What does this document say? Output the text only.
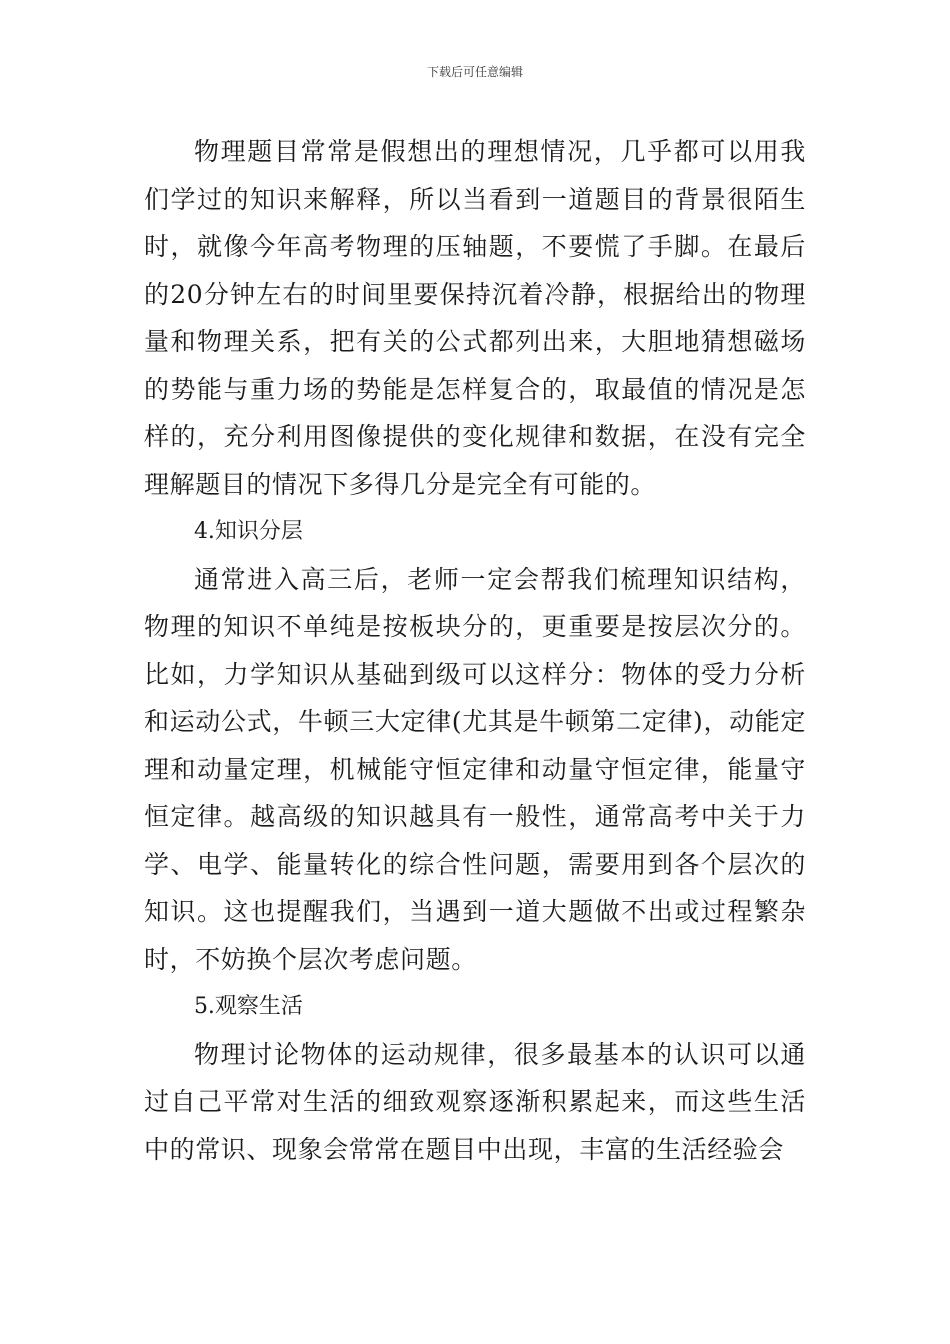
下载后可任意编辑

物理题目常常是假想出的理想情况，几乎都可以用我们学过的知识来解释，所以当看到一道题目的背景很陌生时，就像今年高考物理的压轴题，不要慌了手脚。在最后的20分钟左右的时间里要保持沉着冷静，根据给出的物理量和物理关系，把有关的公式都列出来，大胆地猜想磁场的势能与重力场的势能是怎样复合的，取最值的情况是怎样的，充分利用图像提供的变化规律和数据，在没有完全理解题目的情况下多得几分是完全有可能的。

4.知识分层

通常进入高三后，老师一定会帮我们梳理知识结构，物理的知识不单纯是按板块分的，更重要是按层次分的。比如，力学知识从基础到级可以这样分：物体的受力分析和运动公式，牛顿三大定律(尤其是牛顿第二定律)，动能定理和动量定理，机械能守恒定律和动量守恒定律，能量守恒定律。越高级的知识越具有一般性，通常高考中关于力学、电学、能量转化的综合性问题，需要用到各个层次的知识。这也提醒我们，当遇到一道大题做不出或过程繁杂时，不妨换个层次考虑问题。

5.观察生活

物理讨论物体的运动规律，很多最基本的认识可以通过自己平常对生活的细致观察逐渐积累起来，而这些生活中的常识、现象会常常在题目中出现，丰富的生活经验会
